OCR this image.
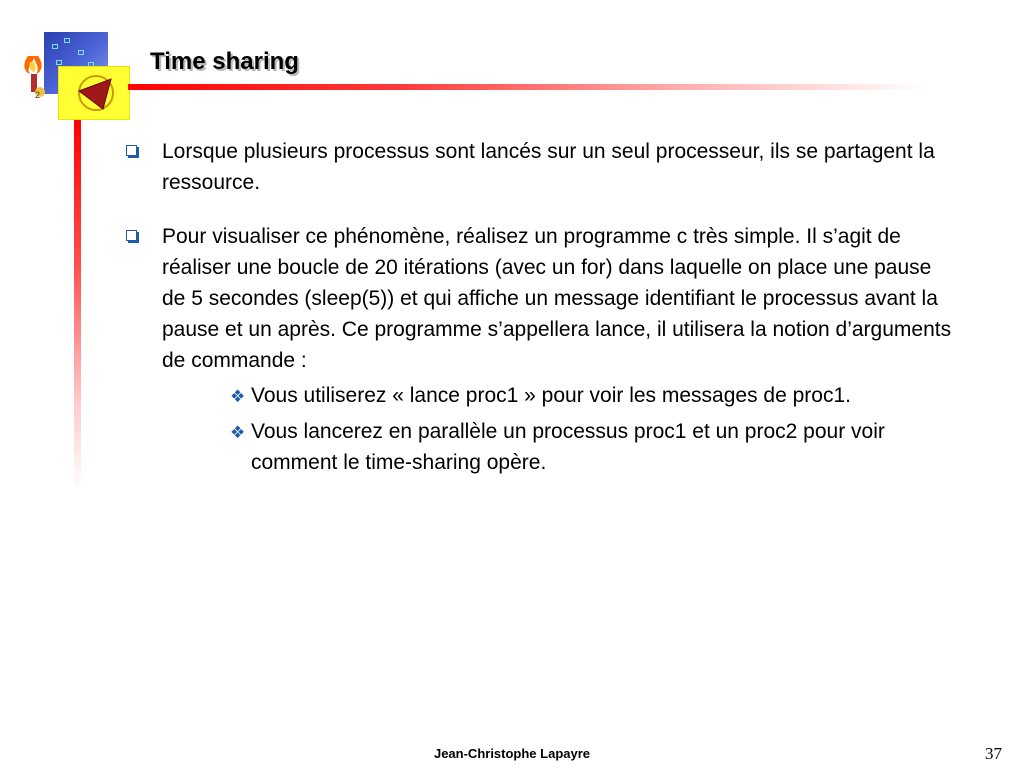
2
Time sharing
Lorsque plusieurs processus sont lancés sur un seul processeur, ils se partagent la ressource.
Pour visualiser ce phénomène, réalisez un programme c très simple. Il s’agit de réaliser une boucle de 20 itérations (avec un for) dans laquelle on place une pause de 5 secondes (sleep(5)) et qui affiche un message identifiant le processus avant la pause et un après. Ce programme s’appellera lance, il utilisera la notion d’arguments de commande :
❖ Vous utiliserez « lance proc1 » pour voir les messages de proc1.
❖ Vous lancerez en parallèle un processus proc1 et un proc2 pour voir comment le time-sharing opère.
Jean-Christophe Lapayre	37
